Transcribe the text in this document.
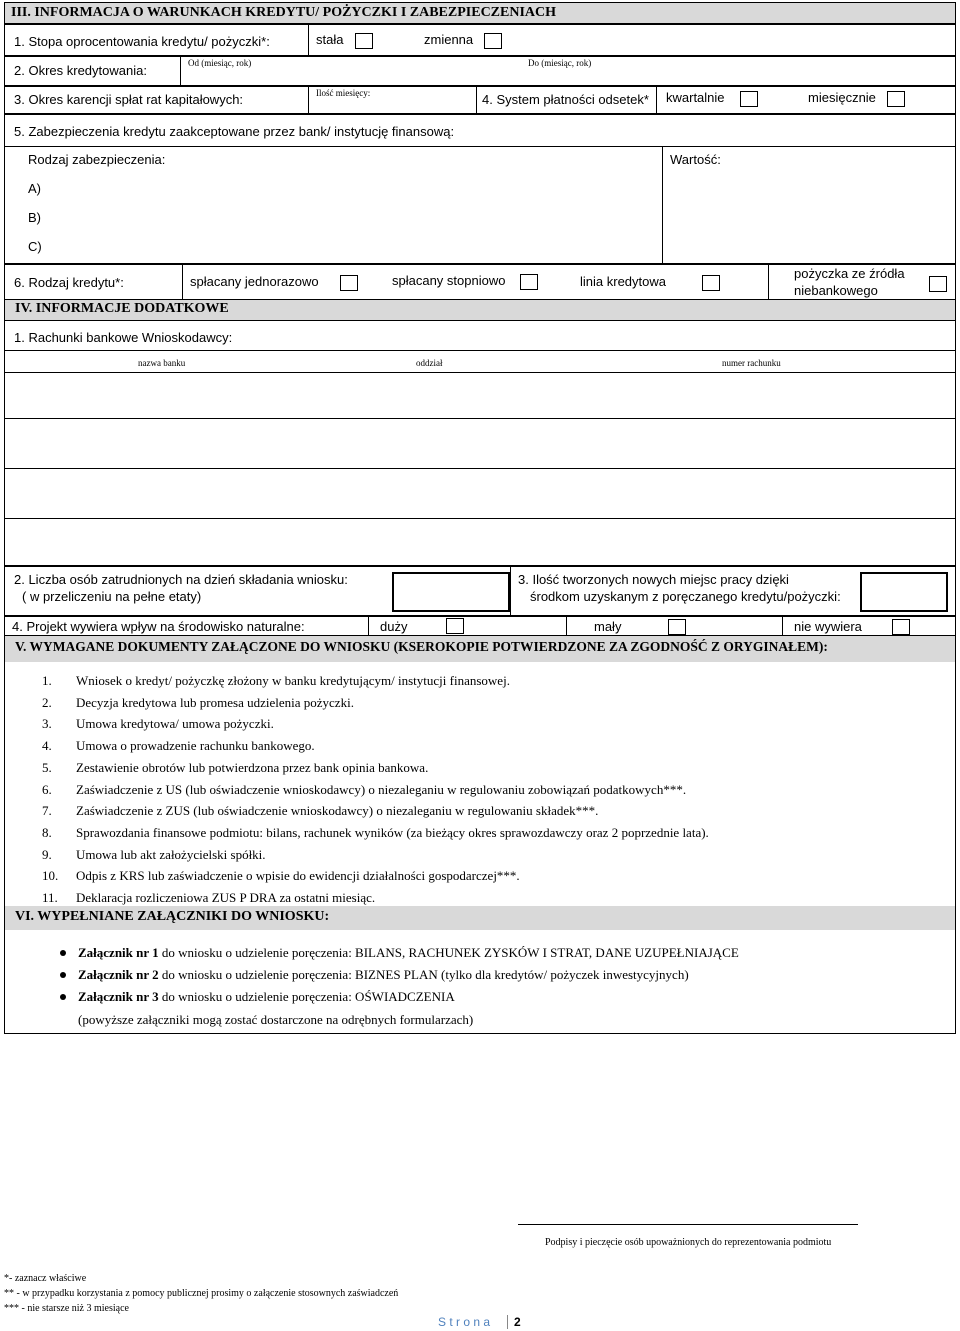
III. INFORMACJA O WARUNKACH KREDYTU/ POŻYCZKI I ZABEZPIECZENIACH
1. Stopa oprocentowania kredytu/ pożyczki*:	stała	zmienna
2. Okres kredytowania:	Od (miesiąc, rok)	Do (miesiąc, rok)
3. Okres karencji spłat rat kapitałowych:	Ilość miesięcy:	4. System płatności odsetek* kwartalnie	miesięcznie
5. Zabezpieczenia kredytu zaakceptowane przez bank/ instytucję finansową:
Rodzaj zabezpieczenia:	Wartość:
A)
B)
C)
6. Rodzaj kredytu*:	spłacany jednorazowo	spłacany stopniowo	linia kredytowa
pożyczka ze źródła
niebankowego
IV. INFORMACJE DODATKOWE
1. Rachunki bankowe Wnioskodawcy:
nazwa banku	oddział	numer rachunku
2. Liczba osób zatrudnionych na dzień składania wniosku:
( w przeliczeniu na pełne etaty)
3. Ilość tworzonych nowych miejsc pracy dzięki
środkom uzyskanym z poręczanego kredytu/pożyczki:
4. Projekt wywiera wpływ na środowisko naturalne:	duży	mały	nie wywiera
V. WYMAGANE DOKUMENTY ZAŁĄCZONE DO WNIOSKU (KSEROKOPIE POTWIERDZONE ZA ZGODNOŚĆ Z ORYGINAŁEM):
1. Wniosek o kredyt/ pożyczkę złożony w banku kredytującym/ instytucji finansowej.
2. Decyzja kredytowa lub promesa udzielenia pożyczki.
3. Umowa kredytowa/ umowa pożyczki.
4. Umowa o prowadzenie rachunku bankowego.
5. Zestawienie obrotów lub potwierdzona przez bank opinia bankowa.
6. Zaświadczenie z US (lub oświadczenie wnioskodawcy) o niezaleganiu w regulowaniu zobowiązań podatkowych***.
7. Zaświadczenie z ZUS (lub oświadczenie wnioskodawcy) o niezaleganiu w regulowaniu składek***.
8. Sprawozdania finansowe podmiotu: bilans, rachunek wyników (za bieżący okres sprawozdawczy oraz 2 poprzednie lata).
9. Umowa lub akt założycielski spółki.
10. Odpis z KRS lub zaświadczenie o wpisie do ewidencji działalności gospodarczej***.
11. Deklaracja rozliczeniowa ZUS P DRA za ostatni miesiąc.
VI. WYPEŁNIANE ZAŁĄCZNIKI DO WNIOSKU:
Załącznik nr 1 do wniosku o udzielenie poręczenia: BILANS, RACHUNEK ZYSKÓW I STRAT, DANE UZUPEŁNIAJĄCE
Załącznik nr 2 do wniosku o udzielenie poręczenia: BIZNES PLAN (tylko dla kredytów/ pożyczek inwestycyjnych)
Załącznik nr 3 do wniosku o udzielenie poręczenia: OŚWIADCZENIA
(powyższe załączniki mogą zostać dostarczone na odrębnych formularzach)
Podpisy i pieczęcie osób upoważnionych do reprezentowania podmiotu
*- zaznacz właściwe
** - w przypadku korzystania z pomocy publicznej prosimy o załączenie stosownych zaświadczeń
*** - nie starsze niż 3 miesiące
S t r o n a 2
